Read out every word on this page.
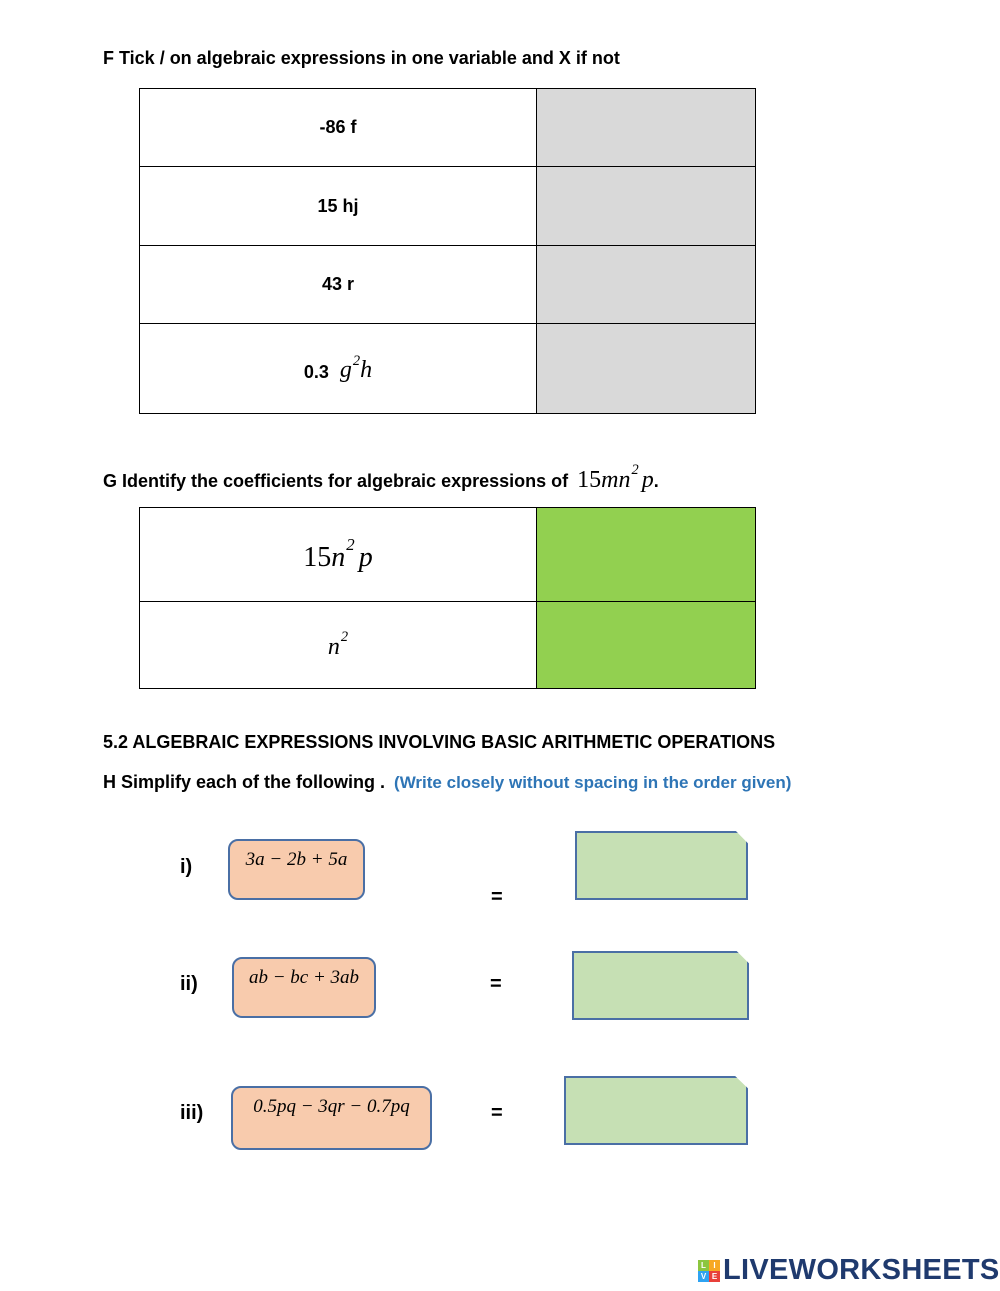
F Tick / on algebraic expressions in one variable and X if not
-86 f	
15 hj	
43 r	
0.3 $g^2h$	
G Identify the coefficients for algebraic expressions of $15mn^2$ p.
$15n^2$ p	
$n^2$	
5.2 ALGEBRAIC EXPRESSIONS INVOLVING BASIC ARITHMETIC OPERATIONS
H Simplify each of the following . (Write closely without spacing in the order given)
i)	3a − 2b + 5a
=
ii)	ab − bc + 3ab	=
iii)	0.5pq − 3qr − 0.7pq	=
L I
V E LIVEWORKSHEETS
